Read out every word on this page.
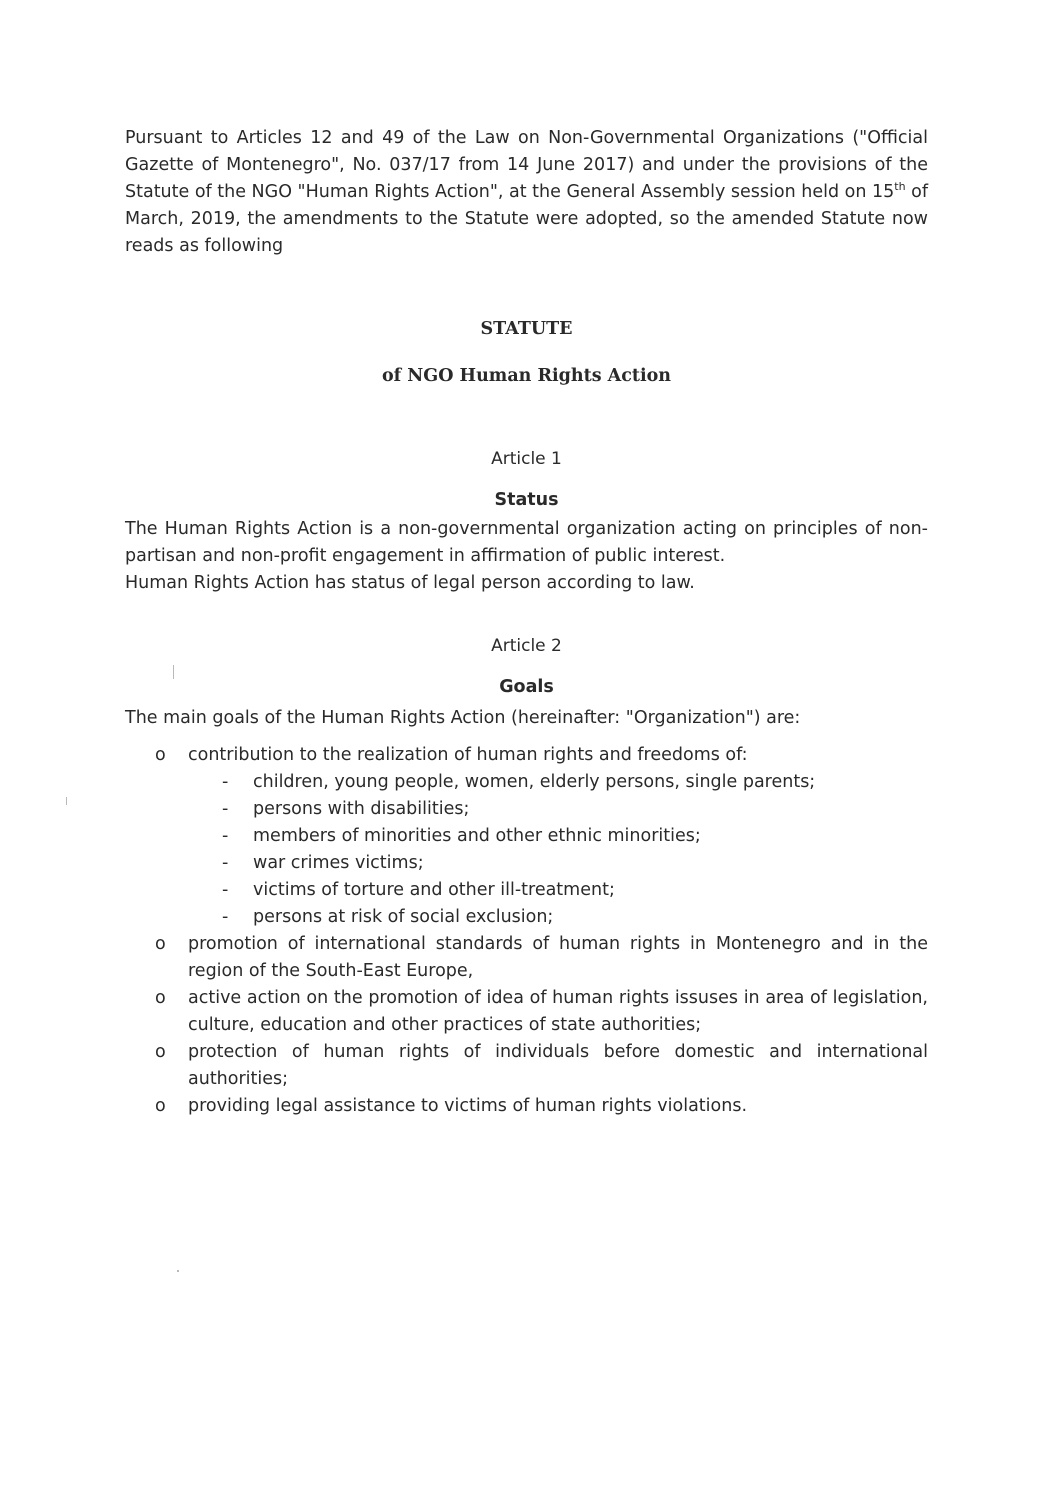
Pursuant to Articles 12 and 49 of the Law on Non-Governmental Organizations ("Official Gazette of Montenegro", No. 037/17 from 14 June 2017) and under the provisions of the Statute of the NGO "Human Rights Action", at the General Assembly session held on 15th of March, 2019, the amendments to the Statute were adopted, so the amended Statute now reads as following

STATUTE

of NGO Human Rights Action

Article 1

Status

The Human Rights Action is a non-governmental organization acting on principles of non-partisan and non-profit engagement in affirmation of public interest.

Human Rights Action has status of legal person according to law.

Article 2

Goals

The main goals of the Human Rights Action (hereinafter: "Organization") are:

o contribution to the realization of human rights and freedoms of:
- children, young people, women, elderly persons, single parents;
- persons with disabilities;
- members of minorities and other ethnic minorities;
- war crimes victims;
- victims of torture and other ill-treatment;
- persons at risk of social exclusion;
o promotion of international standards of human rights in Montenegro and in the region of the South-East Europe,
o active action on the promotion of idea of human rights issuses in area of legislation, culture, education and other practices of state authorities;
o protection of human rights of individuals before domestic and international authorities;
o providing legal assistance to victims of human rights violations.
